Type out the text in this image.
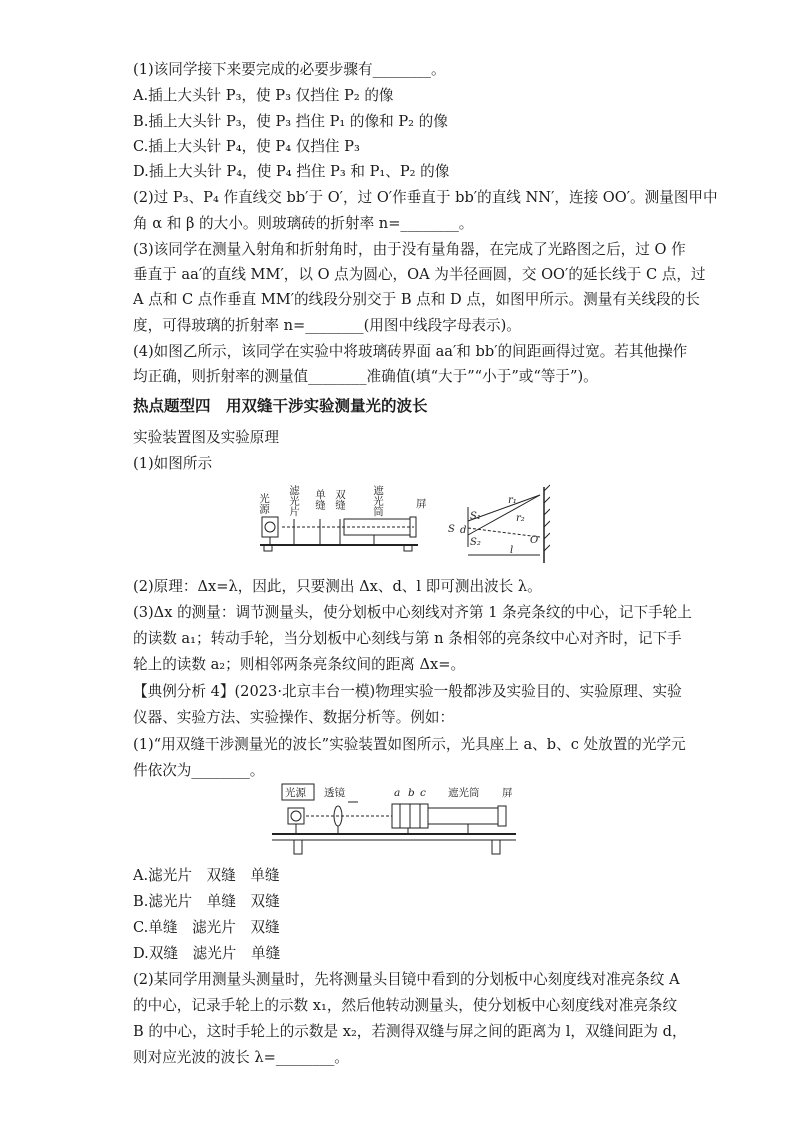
(1)该同学接下来要完成的必要步骤有________。
A.插上大头针 P₃，使 P₃ 仅挡住 P₂ 的像
B.插上大头针 P₃，使 P₃ 挡住 P₁ 的像和 P₂ 的像
C.插上大头针 P₄，使 P₄ 仅挡住 P₃
D.插上大头针 P₄，使 P₄ 挡住 P₃ 和 P₁、P₂ 的像
(2)过 P₃、P₄ 作直线交 bb′于 O′，过 O′作垂直于 bb′的直线 NN′，连接 OO′。测量图甲中
角 α 和 β 的大小。则玻璃砖的折射率 n=________。
(3)该同学在测量入射角和折射角时，由于没有量角器，在完成了光路图之后，过 O 作
垂直于 aa′的直线 MM′，以 O 点为圆心，OA 为半径画圆，交 OO′的延长线于 C 点，过
A 点和 C 点作垂直 MM′的线段分别交于 B 点和 D 点，如图甲所示。测量有关线段的长
度，可得玻璃的折射率 n=________(用图中线段字母表示)。
(4)如图乙所示，该同学在实验中将玻璃砖界面 aa′和 bb′的间距画得过宽。若其他操作
均正确，则折射率的测量值________准确值(填“大于”“小于”或“等于”)。
热点题型四　用双缝干涉实验测量光的波长
实验装置图及实验原理
(1)如图所示
光源 滤光片 单缝 双缝 遮光筒	屏
S
S₁
S₂
d
r₁
r₂
O
l
(2)原理：Δx=λ，因此，只要测出 Δx、d、l 即可测出波长 λ。
(3)Δx 的测量：调节测量头，使分划板中心刻线对齐第 1 条亮条纹的中心，记下手轮上
的读数 a₁；转动手轮，当分划板中心刻线与第 n 条相邻的亮条纹中心对齐时，记下手
轮上的读数 a₂；则相邻两条亮条纹间的距离 Δx=。
【典例分析 4】(2023·北京丰台一模)物理实验一般都涉及实验目的、实验原理、实验
仪器、实验方法、实验操作、数据分析等。例如：
(1)“用双缝干涉测量光的波长”实验装置如图所示，光具座上 a、b、c 处放置的光学元
件依次为________。
光源 透镜	a b c 遮光筒 屏
A.滤光片　双缝　单缝
B.滤光片　单缝　双缝
C.单缝　滤光片　双缝
D.双缝　滤光片　单缝
(2)某同学用测量头测量时，先将测量头目镜中看到的分划板中心刻度线对准亮条纹 A
的中心，记录手轮上的示数 x₁，然后他转动测量头，使分划板中心刻度线对准亮条纹
B 的中心，这时手轮上的示数是 x₂，若测得双缝与屏之间的距离为 l，双缝间距为 d，
则对应光波的波长 λ=________。
